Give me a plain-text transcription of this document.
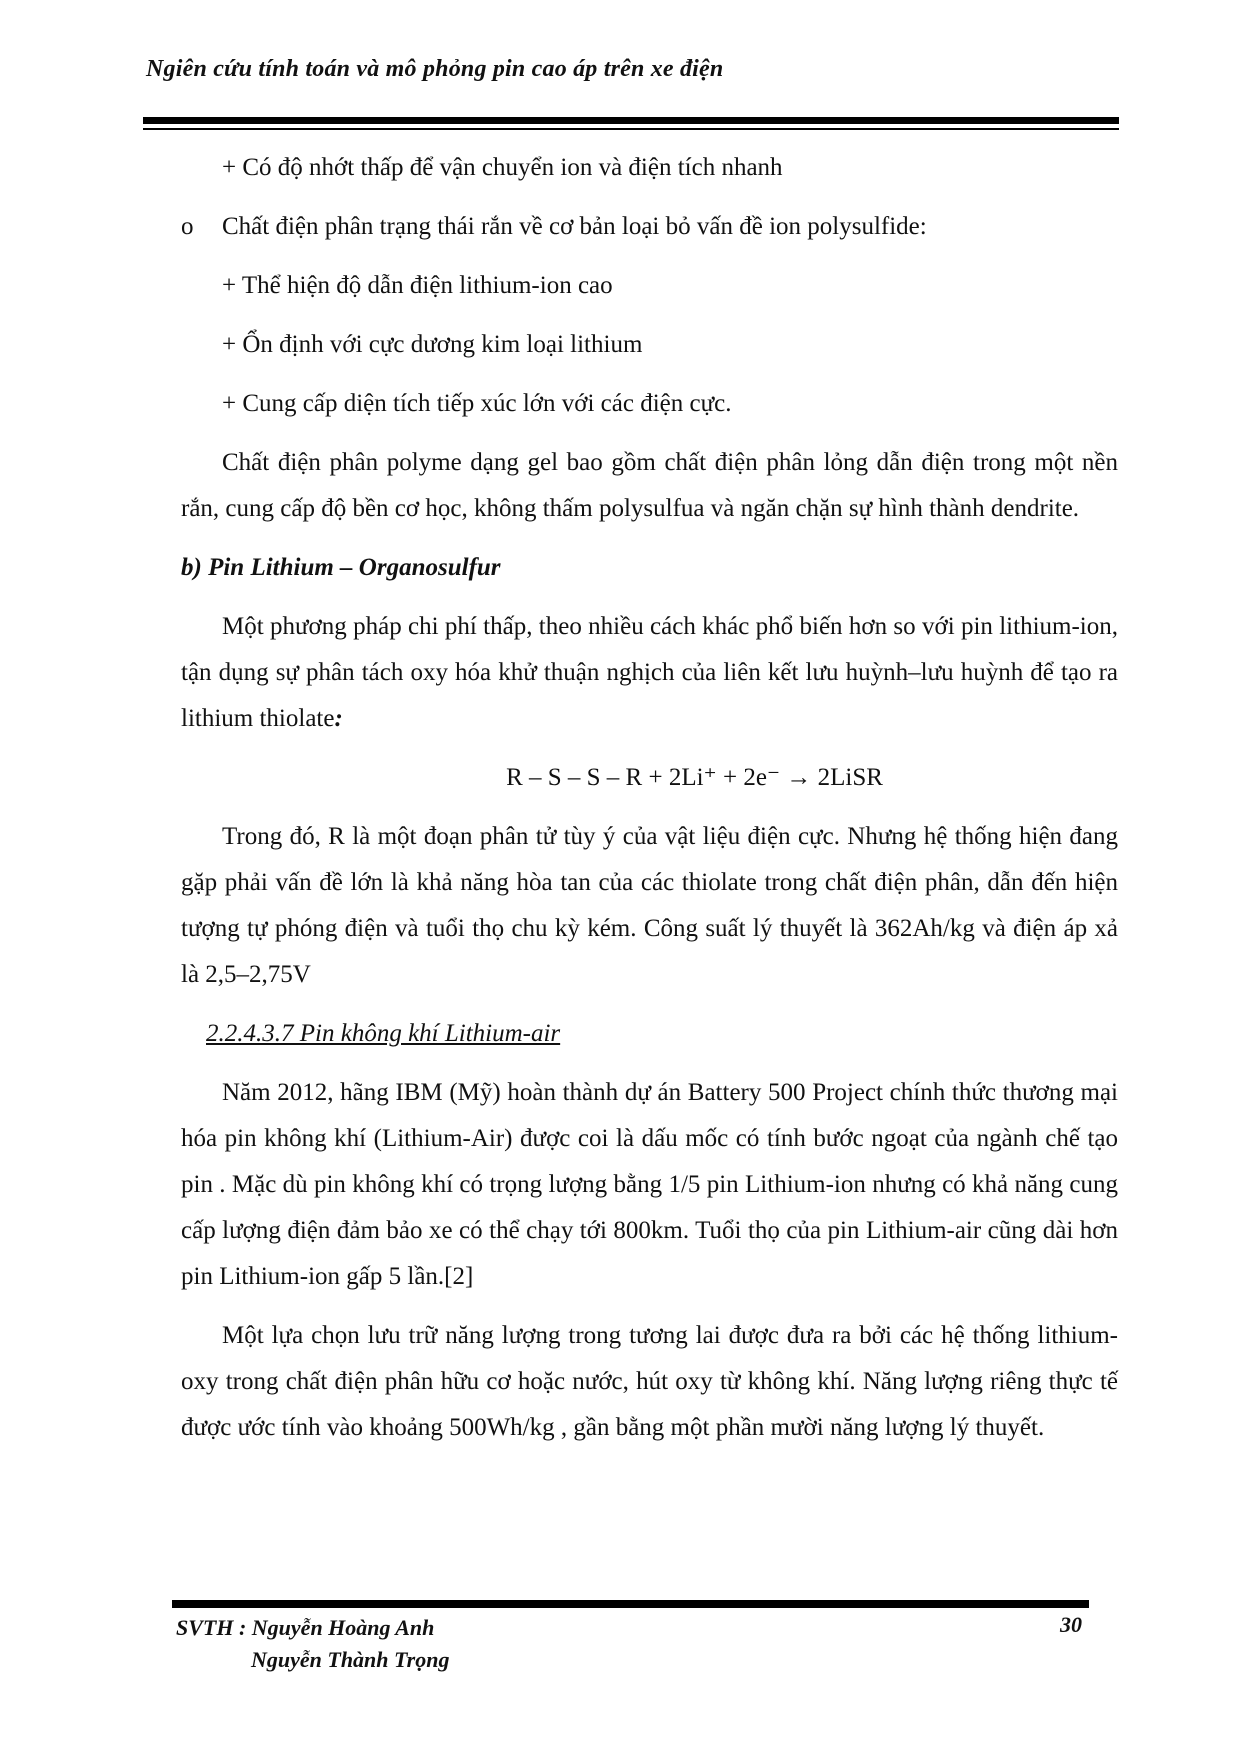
Ngiên cứu tính toán và mô phỏng pin cao áp trên xe điện

+ Có độ nhớt thấp để vận chuyển ion và điện tích nhanh

o	Chất điện phân trạng thái rắn về cơ bản loại bỏ vấn đề ion polysulfide:

+ Thể hiện độ dẫn điện lithium-ion cao

+ Ổn định với cực dương kim loại lithium

+ Cung cấp diện tích tiếp xúc lớn với các điện cực.

Chất điện phân polyme dạng gel bao gồm chất điện phân lỏng dẫn điện trong một nền rắn, cung cấp độ bền cơ học, không thấm polysulfua và ngăn chặn sự hình thành dendrite.

b) Pin Lithium – Organosulfur

Một phương pháp chi phí thấp, theo nhiều cách khác phổ biến hơn so với pin lithium-ion, tận dụng sự phân tách oxy hóa khử thuận nghịch của liên kết lưu huỳnh–lưu huỳnh để tạo ra lithium thiolate:

R – S – S – R + 2Li⁺ + 2e⁻ → 2LiSR

Trong đó, R là một đoạn phân tử tùy ý của vật liệu điện cực. Nhưng hệ thống hiện đang gặp phải vấn đề lớn là khả năng hòa tan của các thiolate trong chất điện phân, dẫn đến hiện tượng tự phóng điện và tuổi thọ chu kỳ kém. Công suất lý thuyết là 362Ah/kg và điện áp xả là 2,5–2,75V

2.2.4.3.7 Pin không khí Lithium-air

Năm 2012, hãng IBM (Mỹ) hoàn thành dự án Battery 500 Project chính thức thương mại hóa pin không khí (Lithium-Air) được coi là dấu mốc có tính bước ngoạt của ngành chế tạo pin . Mặc dù pin không khí có trọng lượng bằng 1/5 pin Lithium-ion nhưng có khả năng cung cấp lượng điện đảm bảo xe có thể chạy tới 800km. Tuổi thọ của pin Lithium-air cũng dài hơn pin Lithium-ion gấp 5 lần.[2]

Một lựa chọn lưu trữ năng lượng trong tương lai được đưa ra bởi các hệ thống lithium-oxy trong chất điện phân hữu cơ hoặc nước, hút oxy từ không khí. Năng lượng riêng thực tế được ước tính vào khoảng 500Wh/kg , gần bằng một phần mười năng lượng lý thuyết.

SVTH : Nguyễn Hoàng Anh
Nguyễn Thành Trọng
30
